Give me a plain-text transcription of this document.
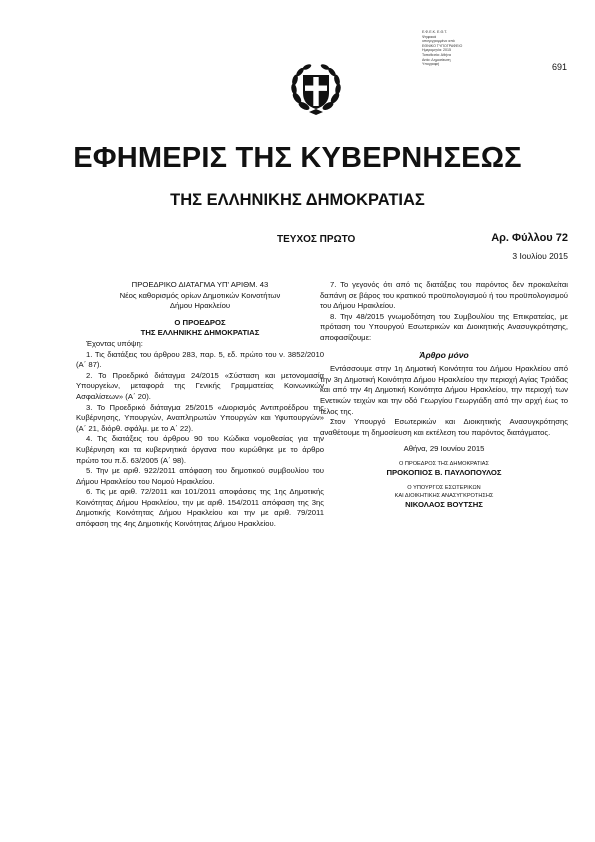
Ε.Φ.Ε.Κ. Ε.Θ.Τ.
Ψηφιακά
υπογεγραμμένο από
ΕΘΝΙΚΟ ΤΥΠΟΓΡΑΦΕΙΟ
Ημερομηνία: 2015
Τοποθεσία: Αθήνα
Αιτία: Δημοσίευση
Υπογραφή	691
ΕΦΗΜΕΡΙΣ ΤΗΣ ΚΥΒΕΡΝΗΣΕΩΣ
ΤΗΣ ΕΛΛΗΝΙΚΗΣ ΔΗΜΟΚΡΑΤΙΑΣ
ΤΕΥΧΟΣ ΠΡΩΤΟ	Αρ. Φύλλου 72
3 Ιουλίου 2015

ΠΡΟΕΔΡΙΚΟ ΔΙΑΤΑΓΜΑ ΥΠ' ΑΡΙΘΜ. 43

Νέος καθορισμός ορίων Δημοτικών Κοινοτήτων

Δήμου Ηρακλείου

Ο ΠΡΟΕΔΡΟΣ

ΤΗΣ ΕΛΛΗΝΙΚΗΣ ΔΗΜΟΚΡΑΤΙΑΣ

Έχοντας υπόψη:

1. Τις διατάξεις του άρθρου 283, παρ. 5, εδ. πρώτο του ν. 3852/2010 (Α΄ 87).

2. Το Προεδρικό διάταγμα 24/2015 «Σύσταση και μετονομασία Υπουργείων, μεταφορά της Γενικής Γραμματείας Κοινωνικών Ασφαλίσεων» (Α΄ 20).

3. Το Προεδρικό διάταγμα 25/2015 «Διορισμός Αντιπροέδρου της Κυβέρνησης, Υπουργών, Αναπληρωτών Υπουργών και Υφυπουργών» (Α΄ 21, διόρθ. σφάλμ. με το Α΄ 22).

4. Τις διατάξεις του άρθρου 90 του Κώδικα νομοθεσίας για την Κυβέρνηση και τα κυβερνητικά όργανα που κυρώθηκε με το άρθρο πρώτο του π.δ. 63/2005 (Α΄ 98).

5. Την με αριθ. 922/2011 απόφαση του δημοτικού συμβουλίου του Δήμου Ηρακλείου του Νομού Ηρακλείου.

6. Τις με αριθ. 72/2011 και 101/2011 αποφάσεις της 1ης Δημοτικής Κοινότητας Δήμου Ηρακλείου, την με αριθ. 154/2011 απόφαση της 3ης Δημοτικής Κοινότητας Δήμου Ηρακλείου και την με αριθ. 79/2011 απόφαση της 4ης Δημοτικής Κοινότητας Δήμου Ηρακλείου.

7. Το γεγονός ότι από τις διατάξεις του παρόντος δεν προκαλείται δαπάνη σε βάρος του κρατικού προϋπολογισμού ή του προϋπολογισμού του Δήμου Ηρακλείου.

8. Την 48/2015 γνωμοδότηση του Συμβουλίου της Επικρατείας, με πρόταση του Υπουργού Εσωτερικών και Διοικητικής Ανασυγκρότησης, αποφασίζουμε:

Άρθρο μόνο

Εντάσσουμε στην 1η Δημοτική Κοινότητα του Δήμου Ηρακλείου από την 3η Δημοτική Κοινότητα Δήμου Ηρακλείου την περιοχή Αγίας Τριάδας και από την 4η Δημοτική Κοινότητα Δήμου Ηρακλείου, την περιοχή των Ενετικών τειχών και την οδό Γεωργίου Γεωργιάδη από την αρχή έως το τέλος της.

Στον Υπουργό Εσωτερικών και Διοικητικής Ανασυγκρότησης αναθέτουμε τη δημοσίευση και εκτέλεση του παρόντος διατάγματος.

Αθήνα, 29 Ιουνίου 2015

Ο ΠΡΟΕΔΡΟΣ ΤΗΣ ΔΗΜΟΚΡΑΤΙΑΣ

ΠΡΟΚΟΠΙΟΣ Β. ΠΑΥΛΟΠΟΥΛΟΣ

Ο ΥΠΟΥΡΓΟΣ ΕΣΩΤΕΡΙΚΩΝ

ΚΑΙ ΔΙΟΙΚΗΤΙΚΗΣ ΑΝΑΣΥΓΚΡΟΤΗΣΗΣ

ΝΙΚΟΛΑΟΣ ΒΟΥΤΣΗΣ
